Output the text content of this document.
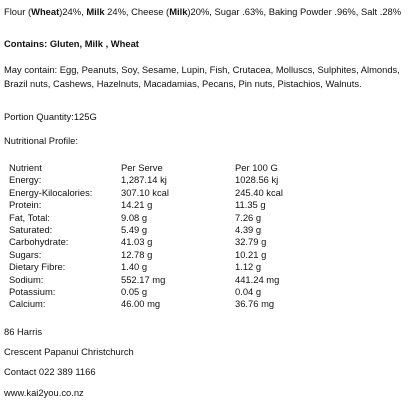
Flour (Wheat)24%, Milk 24%, Cheese (Milk)20%, Sugar .63%, Baking Powder .96%, Salt .28%
Contains: Gluten, Milk , Wheat
May contain: Egg, Peanuts, Soy, Sesame, Lupin, Fish, Crutacea, Molluscs, Sulphites, Almonds, Brazil nuts, Cashews, Hazelnuts, Macadamias, Pecans, Pin nuts, Pistachios, Walnuts.
Portion Quantity:125G
Nutritional Profile:
Nutrient	Per Serve	Per 100 G
Energy:	1,287.14 kj	1028.56 kj
Energy-Kilocalories:	307.10 kcal	245.40 kcal
Protein:	14.21 g	11.35 g
Fat, Total:	9.08 g	7.26 g
Saturated:	5.49 g	4.39 g
Carbohydrate:	41.03 g	32.79 g
Sugars:	12.78 g	10.21 g
Dietary Fibre:	1.40 g	1.12 g
Sodium:	552.17 mg	441.24 mg
Potassium:	0.05 g	0.04 g
Calcium:	46.00 mg	36.76 mg
86 Harris
Crescent Papanui Christchurch
Contact 022 389 1166
www.kai2you.co.nz
